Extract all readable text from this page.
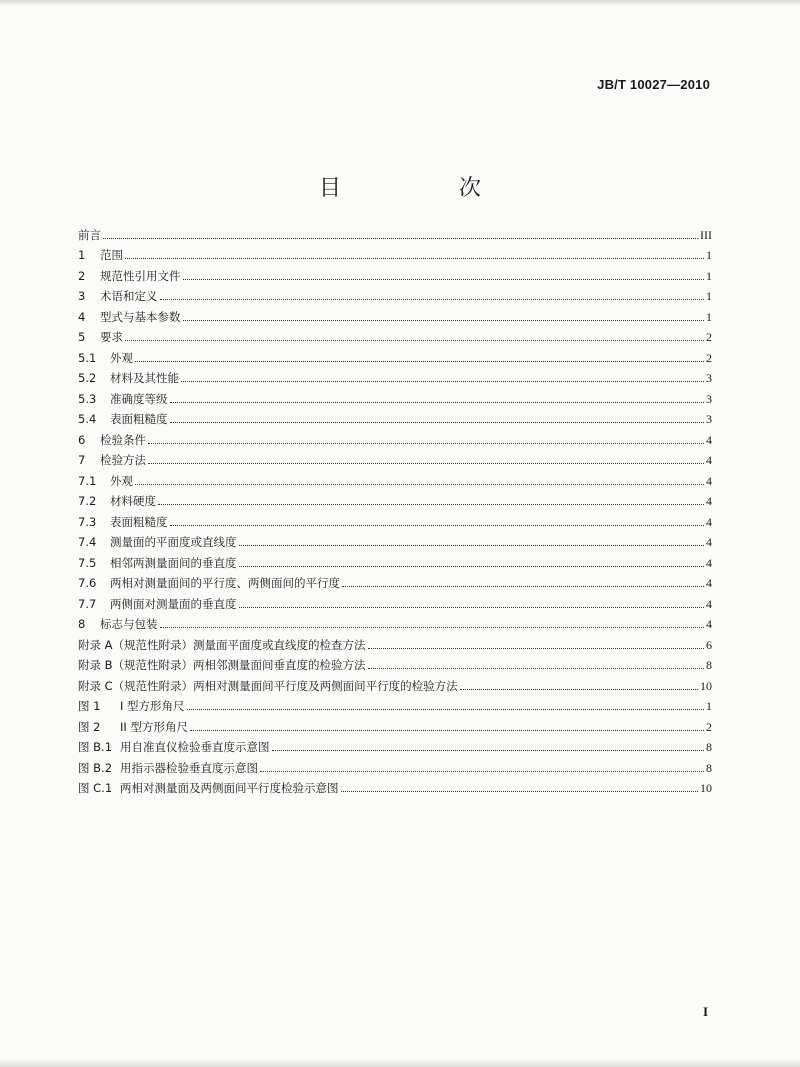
JB/T 10027—2010
目　次
前言	III
1	范围	1
2	规范性引用文件	1
3	术语和定义	1
4	型式与基本参数	1
5	要求	2
5.1	外观	2
5.2	材料及其性能	3
5.3	准确度等级	3
5.4	表面粗糙度	3
6	检验条件	4
7	检验方法	4
7.1	外观	4
7.2	材料硬度	4
7.3	表面粗糙度	4
7.4	测量面的平面度或直线度	4
7.5	相邻两测量面间的垂直度	4
7.6	两相对测量面间的平行度、两侧面间的平行度	4
7.7	两侧面对测量面的垂直度	4
8	标志与包装	4
附录 A（规范性附录）测量面平面度或直线度的检查方法	6
附录 B（规范性附录）两相邻测量面间垂直度的检验方法	8
附录 C（规范性附录）两相对测量面间平行度及两侧面间平行度的检验方法	10
图 1	I 型方形角尺	1
图 2	II 型方形角尺	2
图 B.1 用自准直仪检验垂直度示意图	8
图 B.2 用指示器检验垂直度示意图	8
图 C.1 两相对测量面及两侧面间平行度检验示意图	10
I
